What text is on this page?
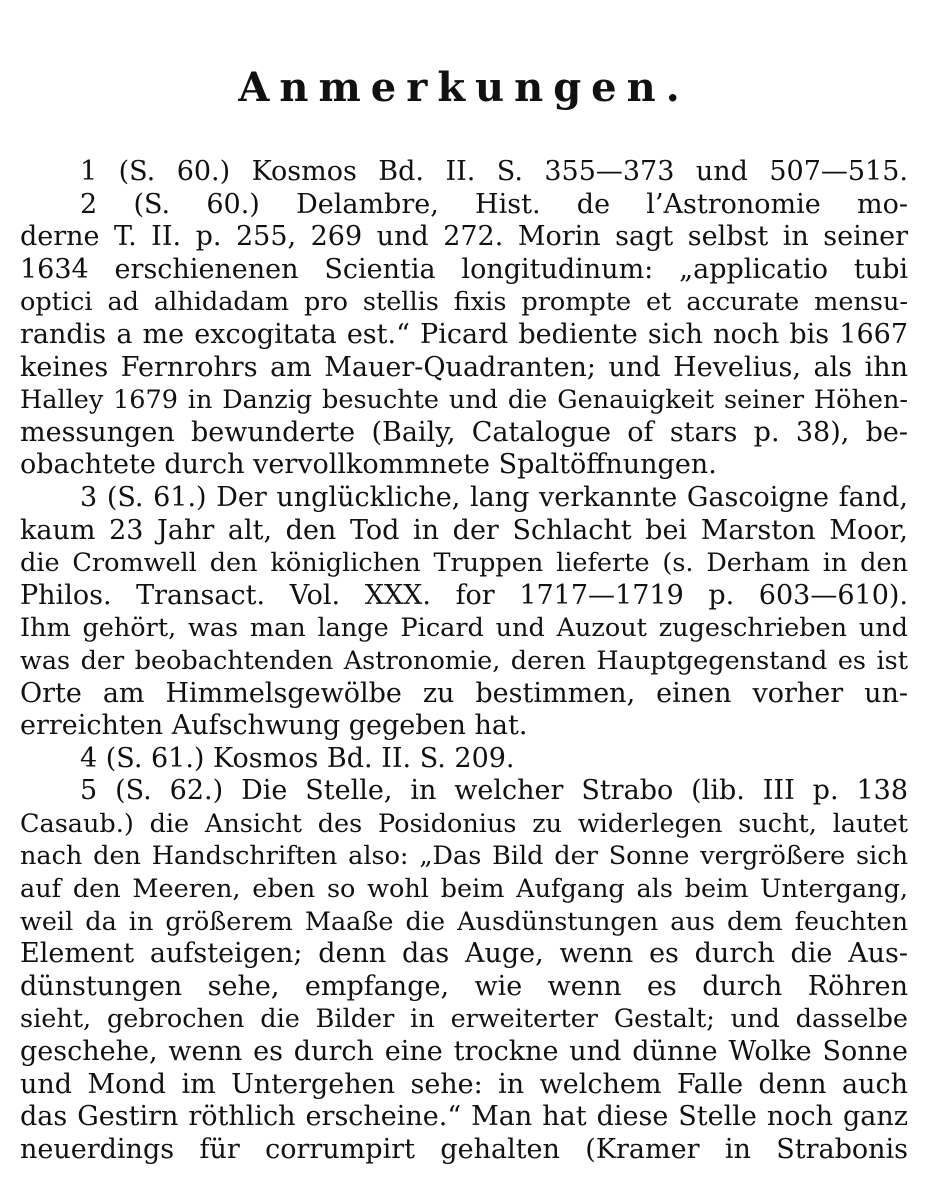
Anmerkungen.
1 (S. 60.) Kosmos Bd. II. S. 355—373 und 507—515.
2 (S. 60.) Delambre, Hist. de l’Astronomie mo-
derne T. II. p. 255, 269 und 272. Morin sagt selbst in seiner
1634 erschienenen Scientia longitudinum: „applicatio tubi
optici ad alhidadam pro stellis fixis prompte et accurate mensu-
randis a me excogitata est.“ Picard bediente sich noch bis 1667
keines Fernrohrs am Mauer-Quadranten; und Hevelius, als ihn
Halley 1679 in Danzig besuchte und die Genauigkeit seiner Höhen-
messungen bewunderte (Baily, Catalogue of stars p. 38), be-
obachtete durch vervollkommnete Spaltöffnungen.
3 (S. 61.) Der unglückliche, lang verkannte Gascoigne fand,
kaum 23 Jahr alt, den Tod in der Schlacht bei Marston Moor,
die Cromwell den königlichen Truppen lieferte (s. Derham in den
Philos. Transact. Vol. XXX. for 1717—1719 p. 603—610).
Ihm gehört, was man lange Picard und Auzout zugeschrieben und
was der beobachtenden Astronomie, deren Hauptgegenstand es ist
Orte am Himmelsgewölbe zu bestimmen, einen vorher un-
erreichten Aufschwung gegeben hat.
4 (S. 61.) Kosmos Bd. II. S. 209.
5 (S. 62.) Die Stelle, in welcher Strabo (lib. III p. 138
Casaub.) die Ansicht des Posidonius zu widerlegen sucht, lautet
nach den Handschriften also: „Das Bild der Sonne vergrößere sich
auf den Meeren, eben so wohl beim Aufgang als beim Untergang,
weil da in größerem Maaße die Ausdünstungen aus dem feuchten
Element aufsteigen; denn das Auge, wenn es durch die Aus-
dünstungen sehe, empfange, wie wenn es durch Röhren
sieht, gebrochen die Bilder in erweiterter Gestalt; und dasselbe
geschehe, wenn es durch eine trockne und dünne Wolke Sonne
und Mond im Untergehen sehe: in welchem Falle denn auch
das Gestirn röthlich erscheine.“ Man hat diese Stelle noch ganz
neuerdings für corrumpirt gehalten (Kramer in Strabonis
